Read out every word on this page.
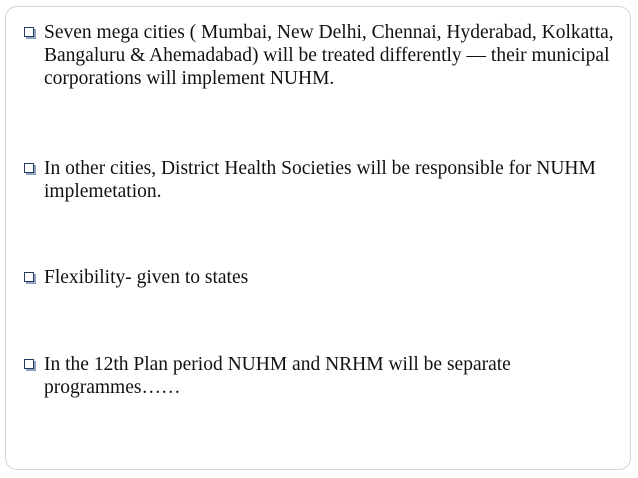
Seven mega cities ( Mumbai, New Delhi, Chennai, Hyderabad, Kolkatta, Bangaluru & Ahemadabad) will be treated differently — their municipal corporations will implement NUHM.
In other cities, District Health Societies will be responsible for NUHM implemetation.
Flexibility- given to states
In the 12th Plan period NUHM and NRHM will be separate programmes……
